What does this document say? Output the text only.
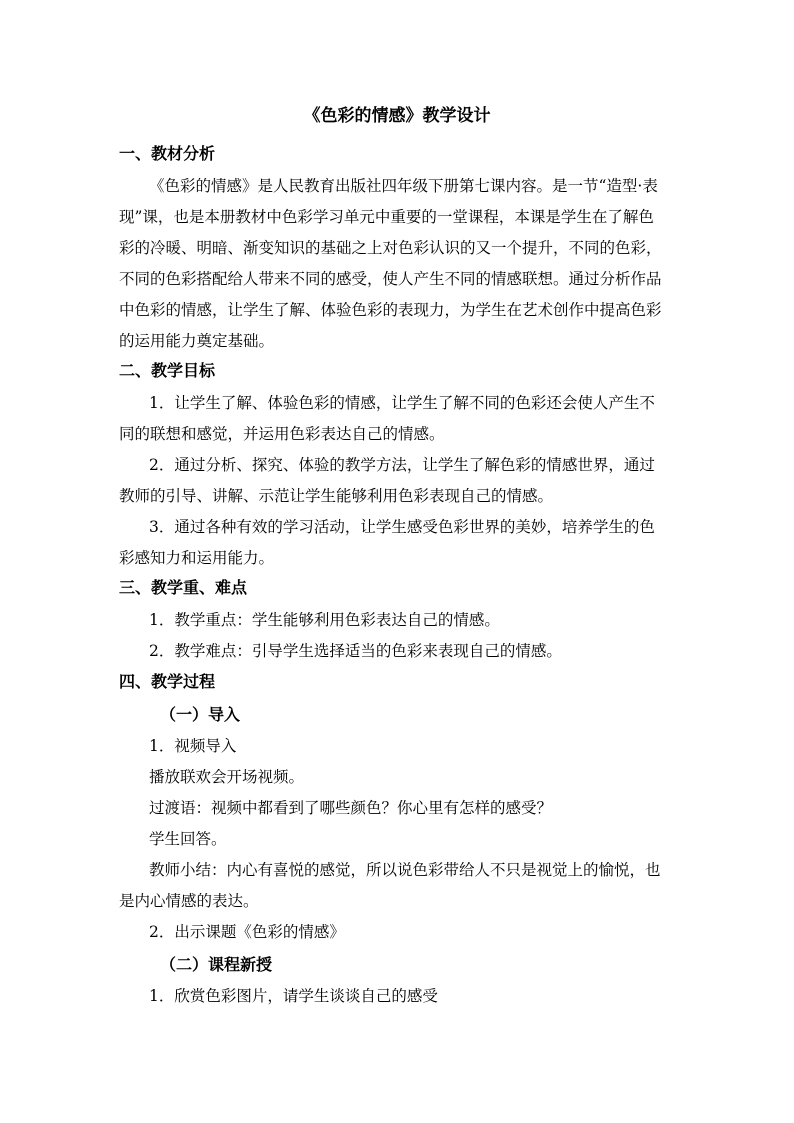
《色彩的情感》教学设计
一、教材分析
《色彩的情感》是人民教育出版社四年级下册第七课内容。是一节“造型·表
现”课，也是本册教材中色彩学习单元中重要的一堂课程，本课是学生在了解色
彩的冷暖、明暗、渐变知识的基础之上对色彩认识的又一个提升，不同的色彩，
不同的色彩搭配给人带来不同的感受，使人产生不同的情感联想。通过分析作品
中色彩的情感，让学生了解、体验色彩的表现力，为学生在艺术创作中提高色彩
的运用能力奠定基础。
二、教学目标
1．让学生了解、体验色彩的情感，让学生了解不同的色彩还会使人产生不
同的联想和感觉，并运用色彩表达自己的情感。
2．通过分析、探究、体验的教学方法，让学生了解色彩的情感世界，通过
教师的引导、讲解、示范让学生能够利用色彩表现自己的情感。
3．通过各种有效的学习活动，让学生感受色彩世界的美妙，培养学生的色
彩感知力和运用能力。
三、教学重、难点
1．教学重点：学生能够利用色彩表达自己的情感。
2．教学难点：引导学生选择适当的色彩来表现自己的情感。
四、教学过程
（一）导入
1．视频导入
播放联欢会开场视频。
过渡语：视频中都看到了哪些颜色？你心里有怎样的感受？
学生回答。
教师小结：内心有喜悦的感觉，所以说色彩带给人不只是视觉上的愉悦，也
是内心情感的表达。
2．出示课题《色彩的情感》
（二）课程新授
1．欣赏色彩图片，请学生谈谈自己的感受
